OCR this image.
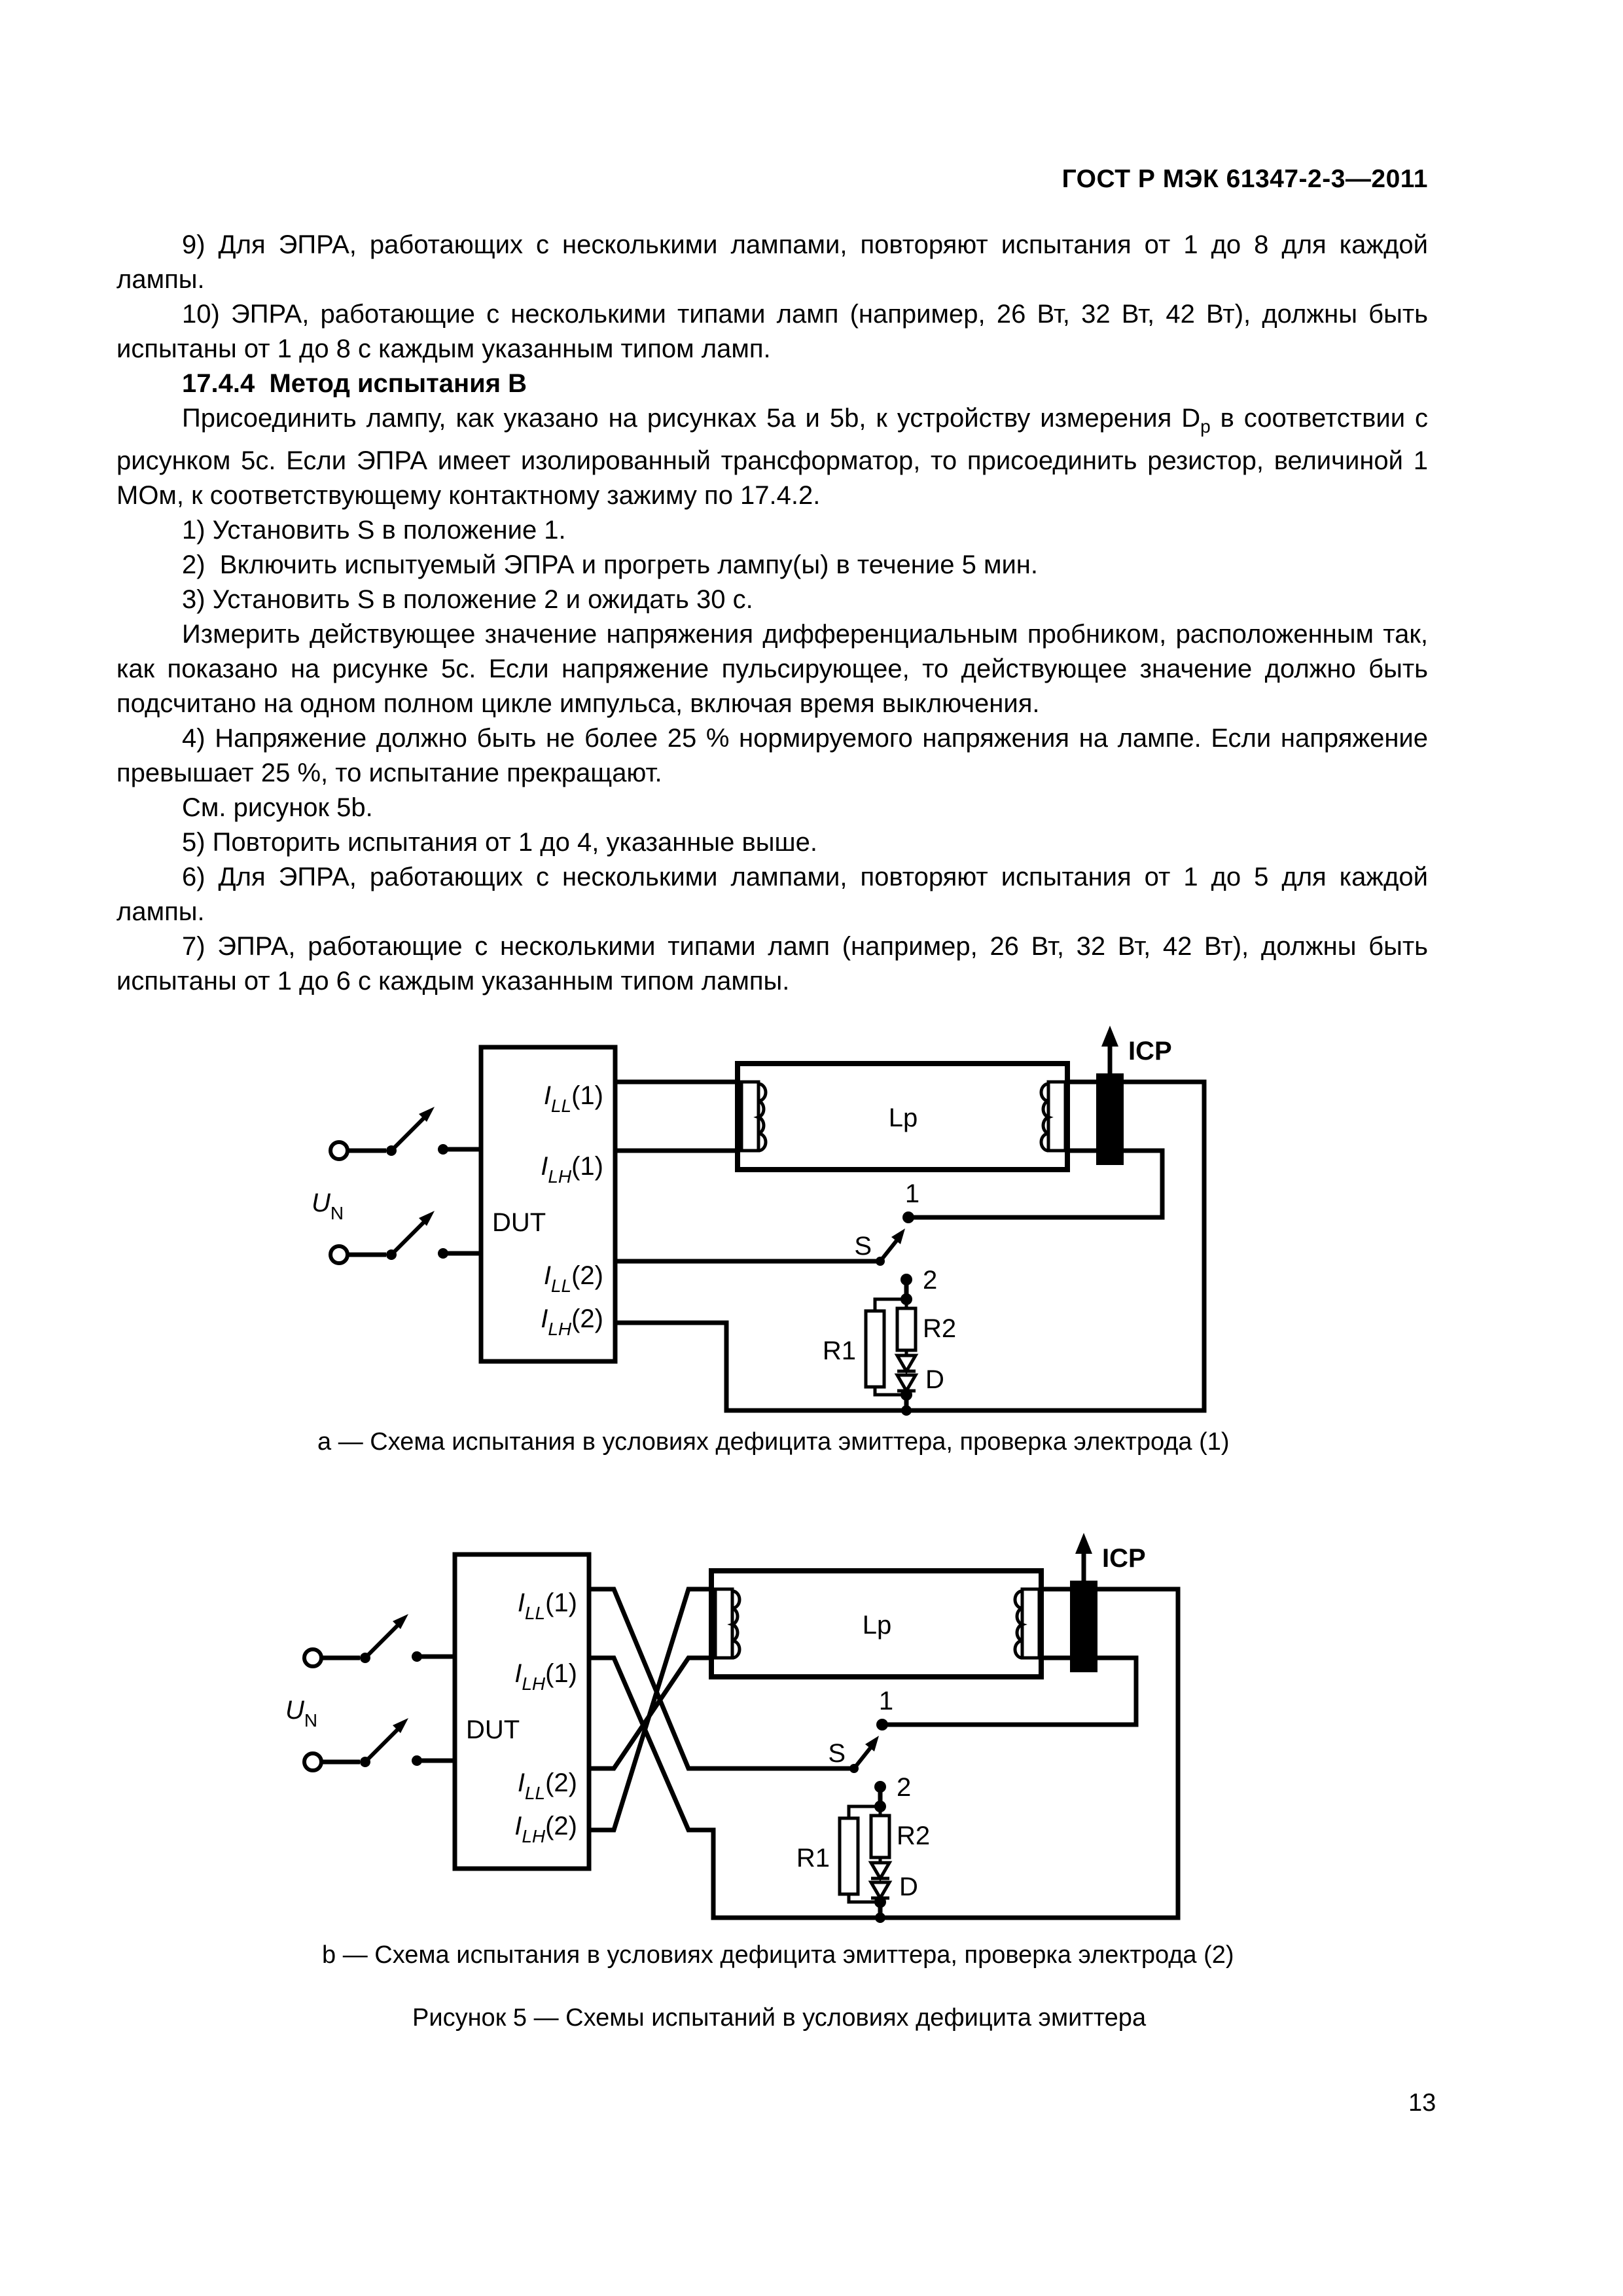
ГОСТ Р МЭК 61347-2-3—2011

9) Для ЭПРА, работающих с несколькими лампами, повторяют испытания от 1 до 8 для каждой лампы.

10) ЭПРА, работающие с несколькими типами ламп (например, 26 Вт, 32 Вт, 42 Вт), должны быть испытаны от 1 до 8 с каждым указанным типом ламп.

17.4.4  Метод испытания B

Присоединить лампу, как указано на рисунках 5a и 5b, к устройству измерения $D_p$ в соответствии с рисунком 5c. Если ЭПРА имеет изолированный трансформатор, то присоединить резистор, величиной 1 МОм, к соответствующему контактному зажиму по 17.4.2.

1) Установить S в положение 1.

2)  Включить испытуемый ЭПРА и прогреть лампу(ы) в течение 5 мин.

3) Установить S в положение 2 и ожидать 30 с.

Измерить действующее значение напряжения дифференциальным пробником, расположенным так, как показано на рисунке 5c. Если напряжение пульсирующее, то действующее значение должно быть подсчитано на одном полном цикле импульса, включая время выключения.

4) Напряжение должно быть не более 25 % нормируемого напряжения на лампе. Если напряжение превышает 25 %, то испытание прекращают.

См. рисунок 5b.

5) Повторить испытания от 1 до 4, указанные выше.

6) Для ЭПРА, работающих с несколькими лампами, повторяют испытания от 1 до 5 для каждой лампы.

7) ЭПРА, работающие с несколькими типами ламп (например, 26 Вт, 32 Вт, 42 Вт), должны быть испытаны от 1 до 6 с каждым указанным типом лампы.

$U_N$
$I_{LL}(1)$
$I_{LH}(1)$
DUT
$I_{LL}(2)$
$I_{LH}(2)$
Lp
ICP
1
S
2
R1
R2
D
a — Схема испытания в условиях дефицита эмиттера, проверка электрода (1)
$U_N$
$I_{LL}(1)$
$I_{LH}(1)$
DUT
$I_{LL}(2)$
$I_{LH}(2)$
Lp
ICP
1
S
2
R1
R2
D
b — Схема испытания в условиях дефицита эмиттера, проверка электрода (2)
Рисунок 5 — Схемы испытаний в условиях дефицита эмиттера
13
